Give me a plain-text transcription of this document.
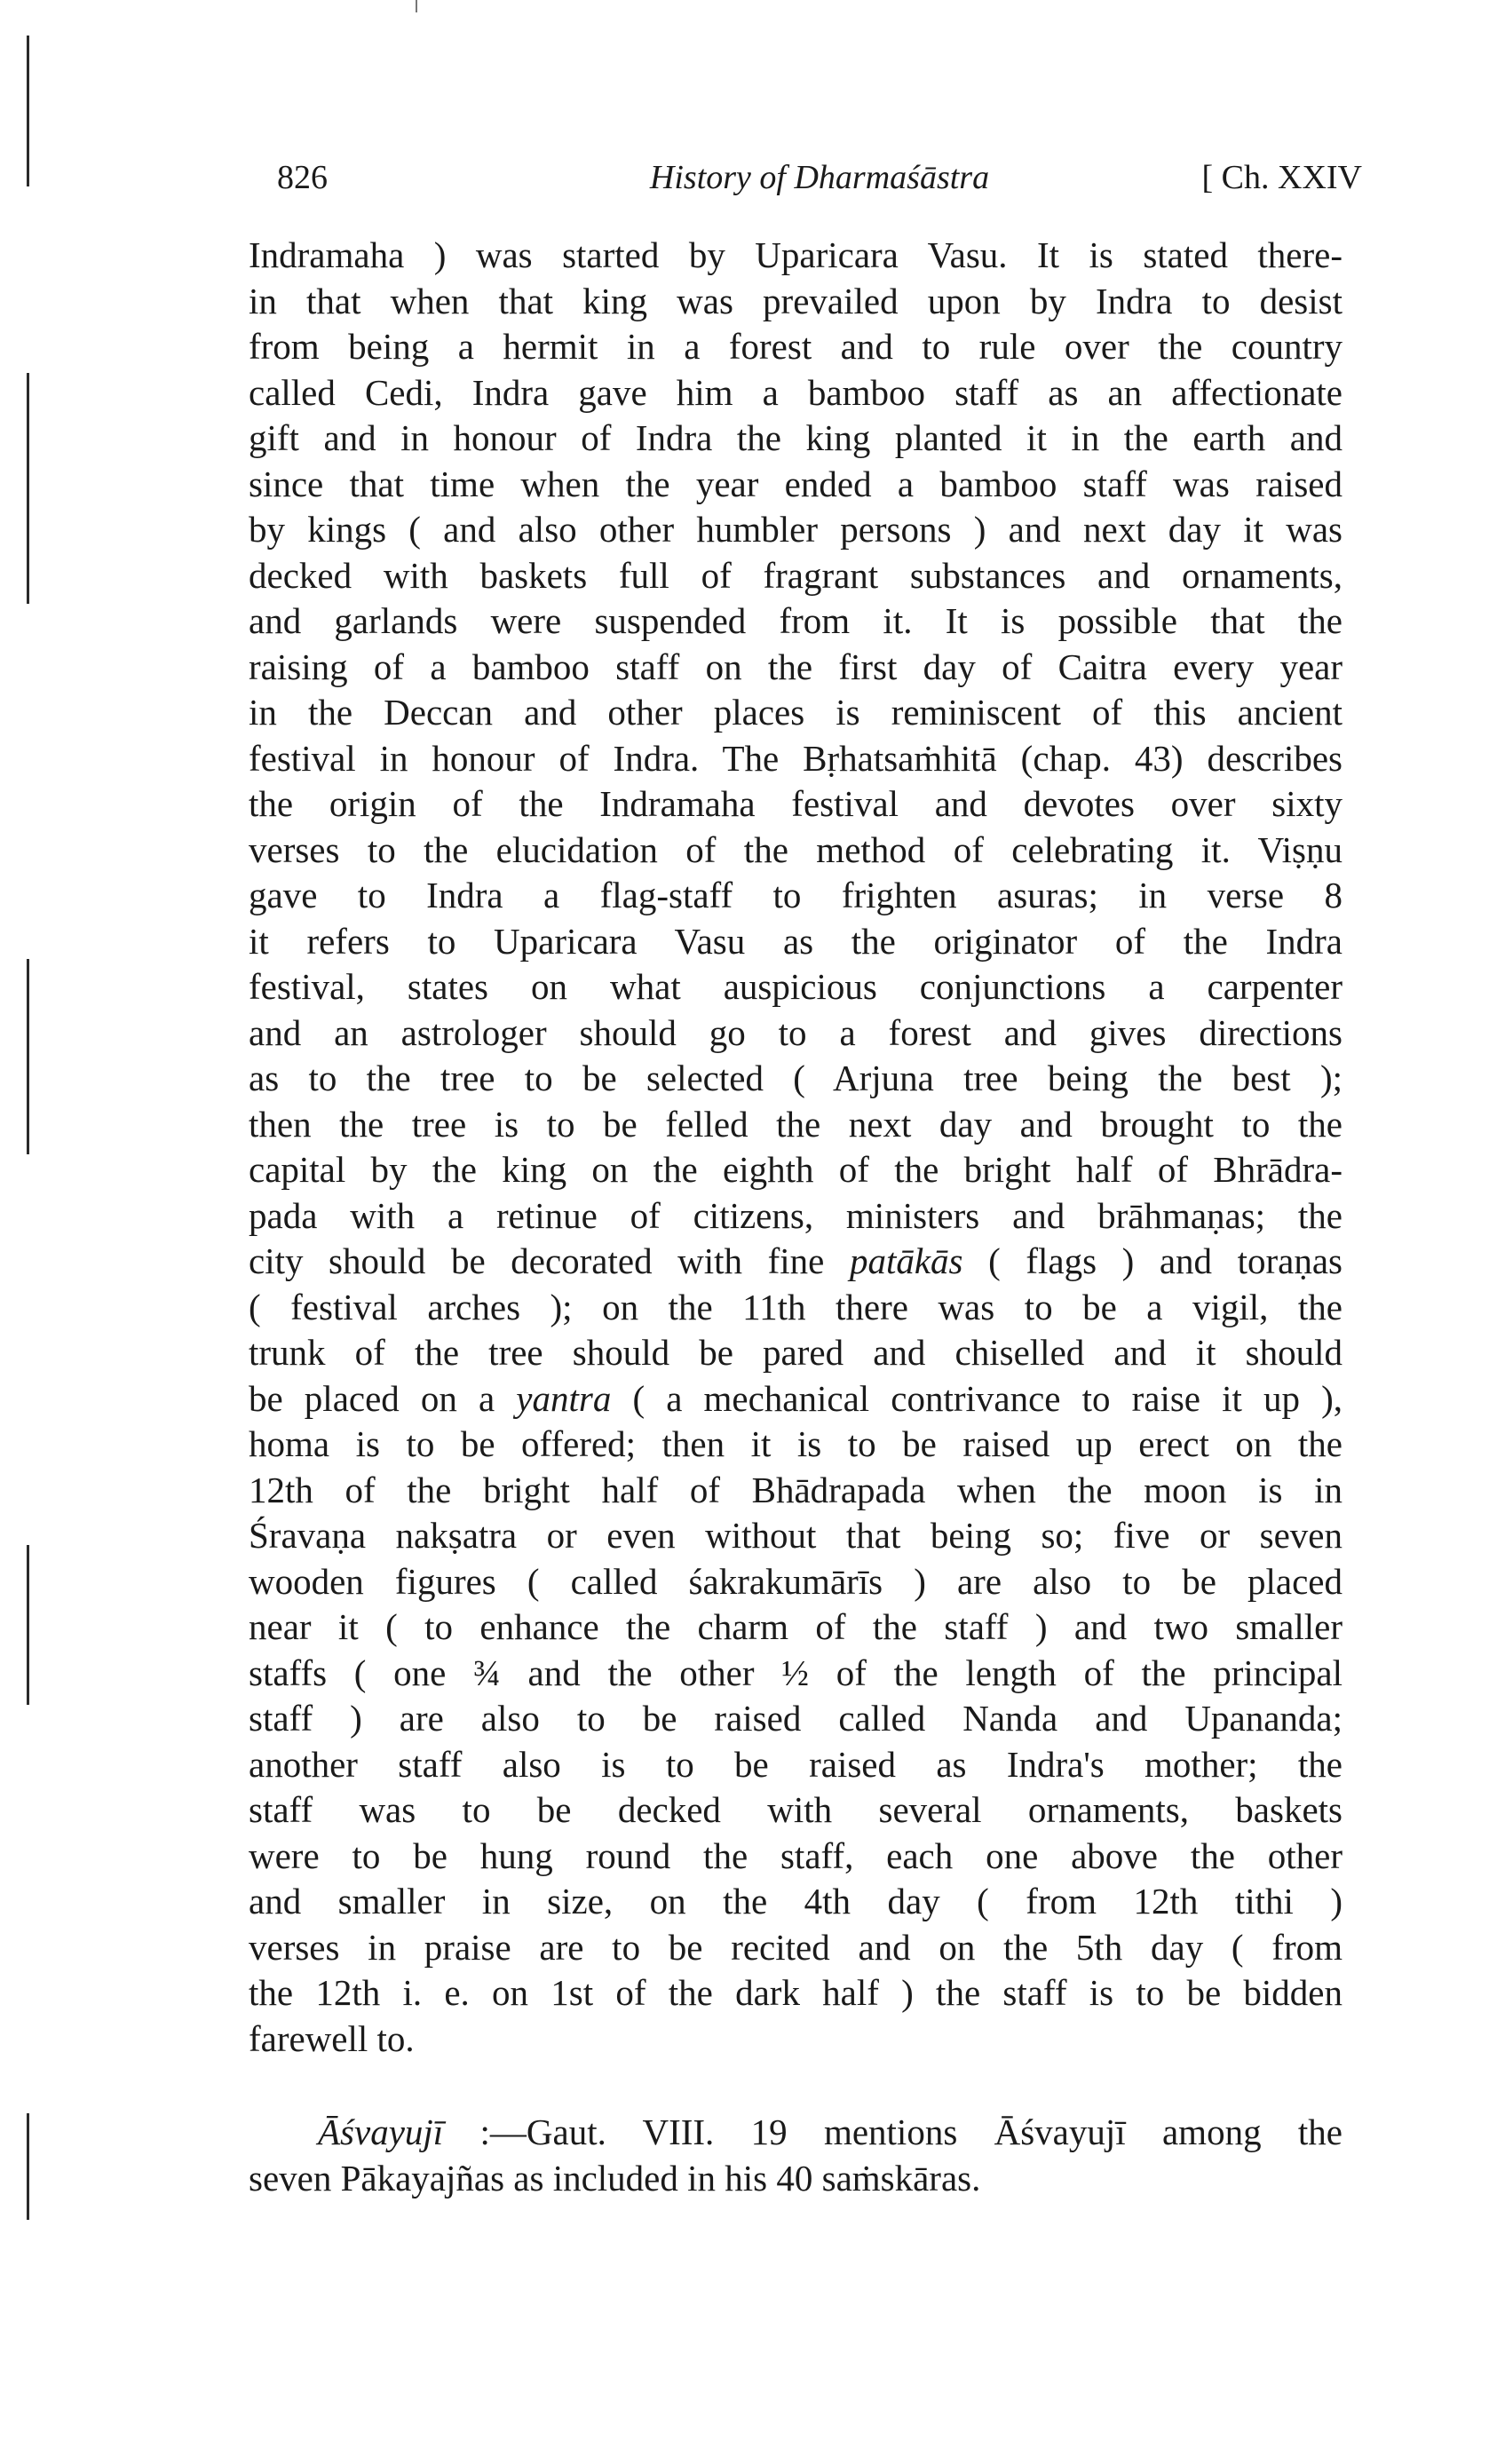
826	History of Dharmaśāstra	[ Ch. XXIV
Indramaha ) was started by Uparicara Vasu. It is stated there-
in that when that king was prevailed upon by Indra to desist
from being a hermit in a forest and to rule over the country
called Cedi, Indra gave him a bamboo staff as an affectionate
gift and in honour of Indra the king planted it in the earth and
since that time when the year ended a bamboo staff was raised
by kings ( and also other humbler persons ) and next day it was
decked with baskets full of fragrant substances and ornaments,
and garlands were suspended from it. It is possible that the
raising of a bamboo staff on the first day of Caitra every year
in the Deccan and other places is reminiscent of this ancient
festival in honour of Indra. The Bṛhatsaṁhitā (chap. 43) describes
the origin of the Indramaha festival and devotes over sixty
verses to the elucidation of the method of celebrating it. Viṣṇu
gave to Indra a flag-staff to frighten asuras; in verse 8
it refers to Uparicara Vasu as the originator of the Indra
festival, states on what auspicious conjunctions a carpenter
and an astrologer should go to a forest and gives directions
as to the tree to be selected ( Arjuna tree being the best );
then the tree is to be felled the next day and brought to the
capital by the king on the eighth of the bright half of Bhrādra-
pada with a retinue of citizens, ministers and brāhmaṇas; the
city should be decorated with fine patākās ( flags ) and toraṇas
( festival arches ); on the 11th there was to be a vigil, the
trunk of the tree should be pared and chiselled and it should
be placed on a yantra ( a mechanical contrivance to raise it up ),
homa is to be offered; then it is to be raised up erect on the
12th of the bright half of Bhādrapada when the moon is in
Śravaṇa nakṣatra or even without that being so; five or seven
wooden figures ( called śakrakumārīs ) are also to be placed
near it ( to enhance the charm of the staff ) and two smaller
staffs ( one ¾ and the other ½ of the length of the principal
staff ) are also to be raised called Nanda and Upananda;
another staff also is to be raised as Indra's mother; the
staff was to be decked with several ornaments, baskets
were to be hung round the staff, each one above the other
and smaller in size, on the 4th day ( from 12th tithi )
verses in praise are to be recited and on the 5th day ( from
the 12th i. e. on 1st of the dark half ) the staff is to be bidden
farewell to.
Āśvayujī :—Gaut. VIII. 19 mentions Āśvayujī among the
seven Pākayajñas as included in his 40 saṁskāras.
